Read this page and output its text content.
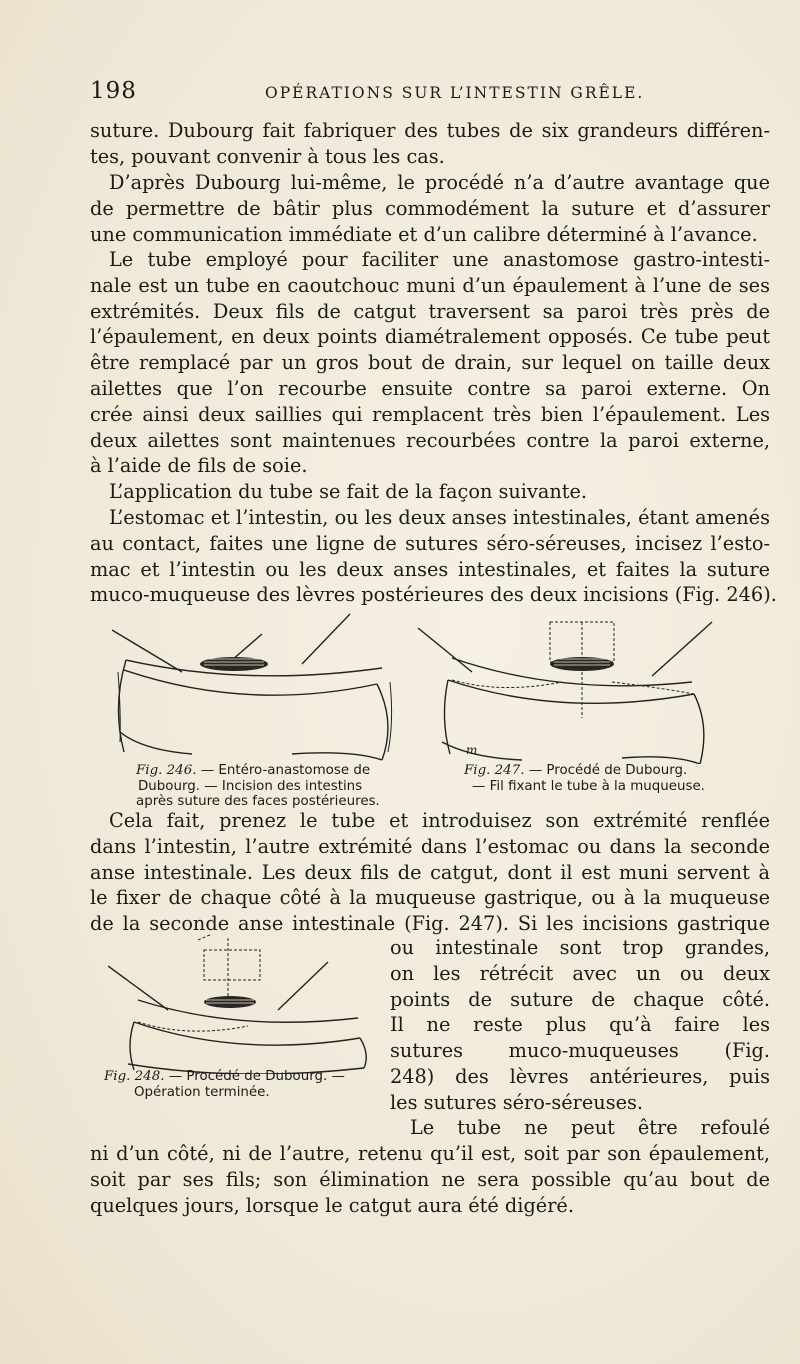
198	OPÉRATIONS SUR L’INTESTIN GRÊLE.
suture. Dubourg fait fabriquer des tubes de six grandeurs différen-
tes, pouvant convenir à tous les cas.
D’après Dubourg lui-même, le procédé n’a d’autre avantage que
de permettre de bâtir plus commodément la suture et d’assurer
une communication immédiate et d’un calibre déterminé à l’avance.
Le tube employé pour faciliter une anastomose gastro-intesti-
nale est un tube en caoutchouc muni d’un épaulement à l’une de ses
extrémités. Deux fils de catgut traversent sa paroi très près de
l’épaulement, en deux points diamétralement opposés. Ce tube peut
être remplacé par un gros bout de drain, sur lequel on taille deux
ailettes que l’on recourbe ensuite contre sa paroi externe. On
crée ainsi deux saillies qui remplacent très bien l’épaulement. Les
deux ailettes sont maintenues recourbées contre la paroi externe,
à l’aide de fils de soie.
L’application du tube se fait de la façon suivante.
L’estomac et l’intestin, ou les deux anses intestinales, étant amenés
au contact, faites une ligne de sutures séro-séreuses, incisez l’esto-
mac et l’intestin ou les deux anses intestinales, et faites la suture
muco-muqueuse des lèvres postérieures des deux incisions (Fig. 246).
Fig. 246. — Entéro-anastomose de
Dubourg. — Incision des intestins
après suture des faces postérieures.
m
Fig. 247. — Procédé de Dubourg.
— Fil fixant le tube à la muqueuse.
Cela fait, prenez le tube et introduisez son extrémité renflée
dans l’intestin, l’autre extrémité dans l’estomac ou dans la seconde
anse intestinale. Les deux fils de catgut, dont il est muni servent à
le fixer de chaque côté à la muqueuse gastrique, ou à la muqueuse
de la seconde anse intestinale (Fig. 247). Si les incisions gastrique
Fig. 248. — Procédé de Dubourg. —
Opération terminée.
ou intestinale sont trop grandes,
on les rétrécit avec un ou deux
points de suture de chaque côté.
Il ne reste plus qu’à faire les
sutures muco-muqueuses (Fig.
248) des lèvres antérieures, puis
les sutures séro-séreuses.
Le tube ne peut être refoulé
ni d’un côté, ni de l’autre, retenu qu’il est, soit par son épaulement,
soit par ses fils; son élimination ne sera possible qu’au bout de
quelques jours, lorsque le catgut aura été digéré.
